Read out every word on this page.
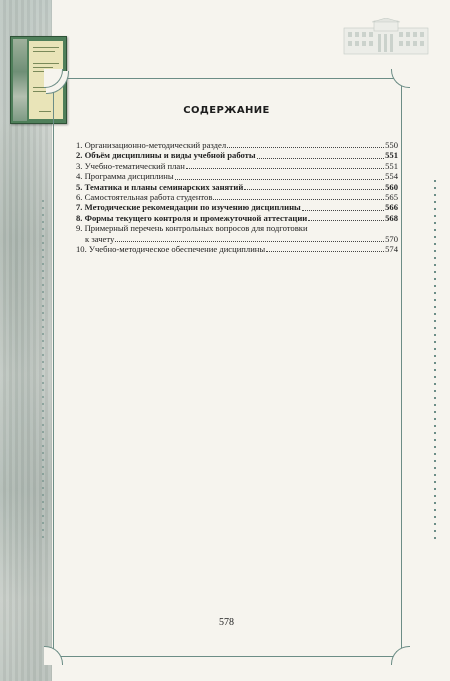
СОДЕРЖАНИЕ
1. Организационно-методический раздел	550
2. Объём дисциплины и виды учебной работы	551
3. Учебно-тематический план	551
4. Программа дисциплины	554
5. Тематика и планы семинарских занятий	560
6. Самостоятельная работа студентов	565
7. Методические рекомендации по изучению дисциплины	566
8. Формы текущего контроля и промежуточной аттестации	568
9. Примерный перечень контрольных вопросов для подготовки
к зачету	570
10. Учебно-методическое обеспечение дисциплины	574
578
